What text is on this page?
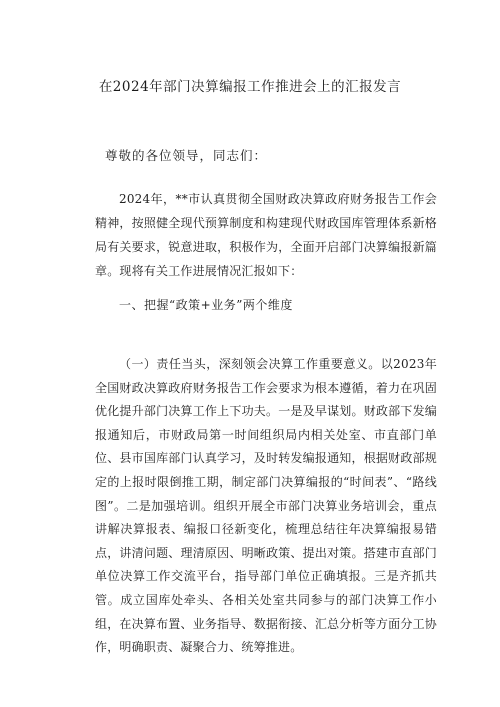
在2024年部门决算编报工作推进会上的汇报发言
尊敬的各位领导，同志们：
2024年，**市认真贯彻全国财政决算政府财务报告工作会精神，按照健全现代预算制度和构建现代财政国库管理体系新格局有关要求，锐意进取，积极作为，全面开启部门决算编报新篇章。现将有关工作进展情况汇报如下：
一、把握“政策+业务”两个维度
（一）责任当头，深刻领会决算工作重要意义。以2023年全国财政决算政府财务报告工作会要求为根本遵循，着力在巩固优化提升部门决算工作上下功夫。一是及早谋划。财政部下发编报通知后，市财政局第一时间组织局内相关处室、市直部门单位、县市国库部门认真学习，及时转发编报通知，根据财政部规定的上报时限倒推工期，制定部门决算编报的“时间表”、“路线图”。二是加强培训。组织开展全市部门决算业务培训会，重点讲解决算报表、编报口径新变化，梳理总结往年决算编报易错点，讲清问题、理清原因、明晰政策、提出对策。搭建市直部门单位决算工作交流平台，指导部门单位正确填报。三是齐抓共管。成立国库处牵头、各相关处室共同参与的部门决算工作小组，在决算布置、业务指导、数据衔接、汇总分析等方面分工协作，明确职责、凝聚合力、统筹推进。
